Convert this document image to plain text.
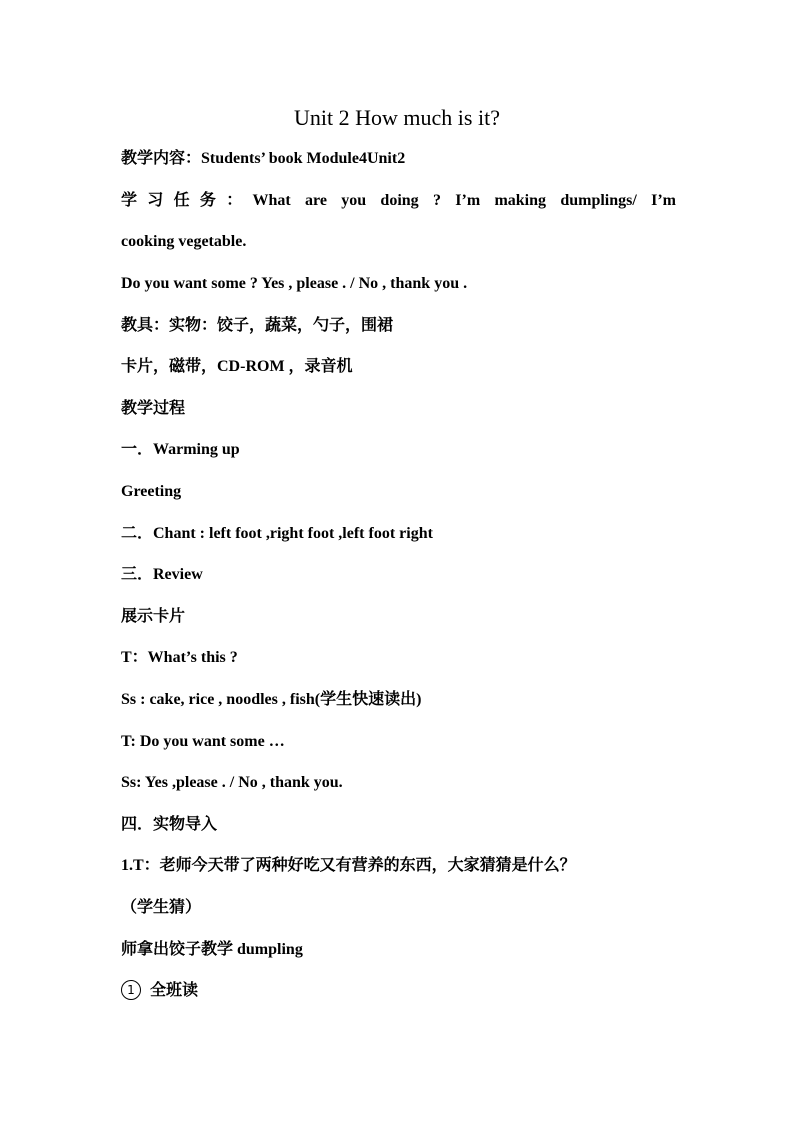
Unit 2 How much is it?
教学内容：Students’ book Module4Unit2
学习任务：What are you doing ? I’m making dumplings/ I’m
cooking vegetable.
Do you want some ? Yes , please . / No , thank you .
教具：实物：饺子，蔬菜，勺子，围裙
卡片，磁带，CD-ROM ，录音机
教学过程
一．Warming up
Greeting
二．Chant : left foot ,right foot ,left foot right
三．Review
展示卡片
T：What’s this ?
Ss : cake, rice , noodles , fish(学生快速读出)
T: Do you want some …
Ss: Yes ,please . / No , thank you.
四．实物导入
1.T：老师今天带了两种好吃又有营养的东西，大家猜猜是什么？
（学生猜）
师拿出饺子教学 dumpling
1 全班读
